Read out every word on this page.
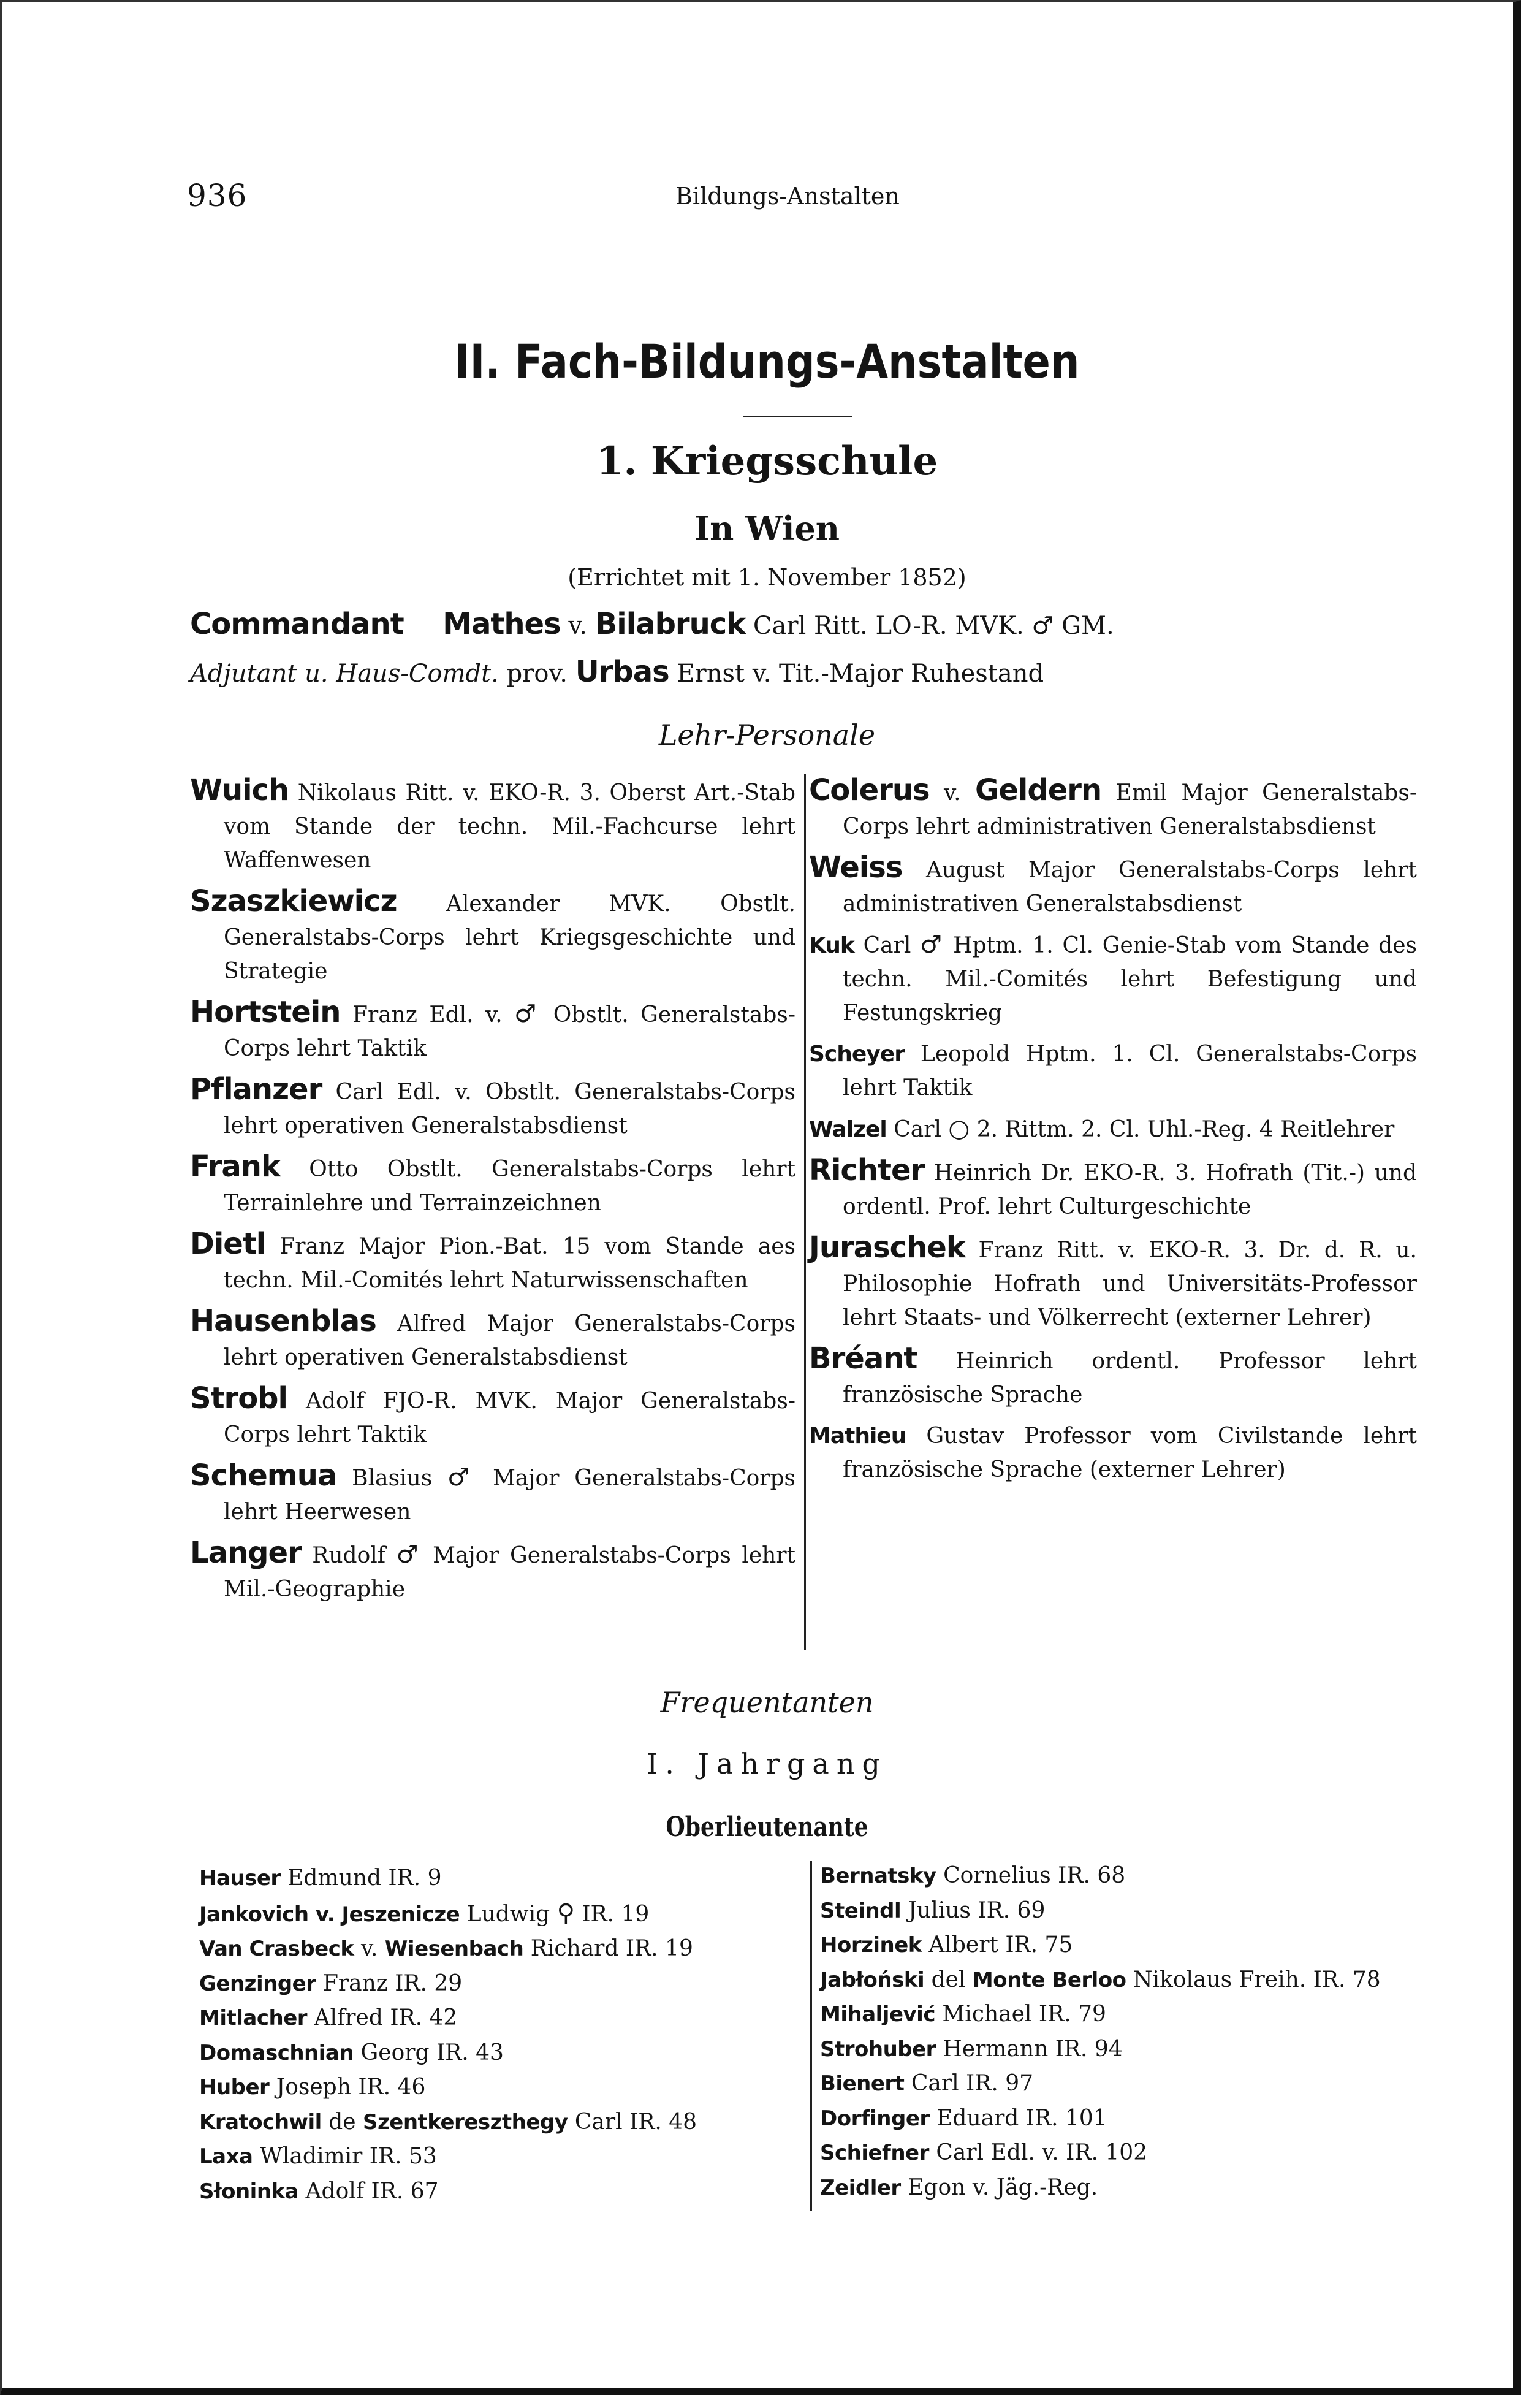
936	Bildungs-Anstalten
II. Fach-Bildungs-Anstalten
1. Kriegsschule
In Wien
(Errichtet mit 1. November 1852)
Commandant Mathes v. Bilabruck Carl Ritt. LO-R. MVK. ♂ GM.
Adjutant u. Haus-Comdt. prov. Urbas Ernst v. Tit.-Major Ruhestand
Lehr-Personale
Wuich Nikolaus Ritt. v. EKO-R. 3. Oberst Art.-Stab vom Stande der techn. Mil.-Fachcurse lehrt Waffenwesen
Szaszkiewicz Alexander MVK. Obstlt. Generalstabs-Corps lehrt Kriegsgeschichte und Strategie
Hortstein Franz Edl. v. ♂ Obstlt. Generalstabs-Corps lehrt Taktik
Pflanzer Carl Edl. v. Obstlt. Generalstabs-Corps lehrt operativen Generalstabsdienst
Frank Otto Obstlt. Generalstabs-Corps lehrt Terrainlehre und Terrainzeichnen
Dietl Franz Major Pion.-Bat. 15 vom Stande aes techn. Mil.-Comités lehrt Naturwissenschaften
Hausenblas Alfred Major Generalstabs-Corps lehrt operativen Generalstabsdienst
Strobl Adolf FJO-R. MVK. Major Generalstabs-Corps lehrt Taktik
Schemua Blasius ♂ Major Generalstabs-Corps lehrt Heerwesen
Langer Rudolf ♂ Major Generalstabs-Corps lehrt Mil.-Geographie
Colerus v. Geldern Emil Major Generalstabs-Corps lehrt administrativen Generalstabsdienst
Weiss August Major Generalstabs-Corps lehrt administrativen Generalstabsdienst
Kuk Carl ♂ Hptm. 1. Cl. Genie-Stab vom Stande des techn. Mil.-Comités lehrt Befestigung und Festungskrieg
Scheyer Leopold Hptm. 1. Cl. Generalstabs-Corps lehrt Taktik
Walzel Carl ○ 2. Rittm. 2. Cl. Uhl.-Reg. 4 Reitlehrer
Richter Heinrich Dr. EKO-R. 3. Hofrath (Tit.-) und ordentl. Prof. lehrt Culturgeschichte
Juraschek Franz Ritt. v. EKO-R. 3. Dr. d. R. u. Philosophie Hofrath und Universitäts-Professor lehrt Staats- und Völkerrecht (externer Lehrer)
Bréant Heinrich ordentl. Professor lehrt französische Sprache
Mathieu Gustav Professor vom Civilstande lehrt französische Sprache (externer Lehrer)
Frequentanten
I. Jahrgang
Oberlieutenante
Hauser Edmund IR. 9
Jankovich v. Jeszenicze Ludwig ⚲ IR. 19
Van Crasbeck v. Wiesenbach Richard IR. 19
Genzinger Franz IR. 29
Mitlacher Alfred IR. 42
Domaschnian Georg IR. 43
Huber Joseph IR. 46
Kratochwil de Szentkereszthegy Carl IR. 48
Laxa Wladimir IR. 53
Słoninka Adolf IR. 67
Bernatsky Cornelius IR. 68
Steindl Julius IR. 69
Horzinek Albert IR. 75
Jabłoński del Monte Berloo Nikolaus Freih. IR. 78
Mihaljević Michael IR. 79
Strohuber Hermann IR. 94
Bienert Carl IR. 97
Dorfinger Eduard IR. 101
Schiefner Carl Edl. v. IR. 102
Zeidler Egon v. Jäg.-Reg.
